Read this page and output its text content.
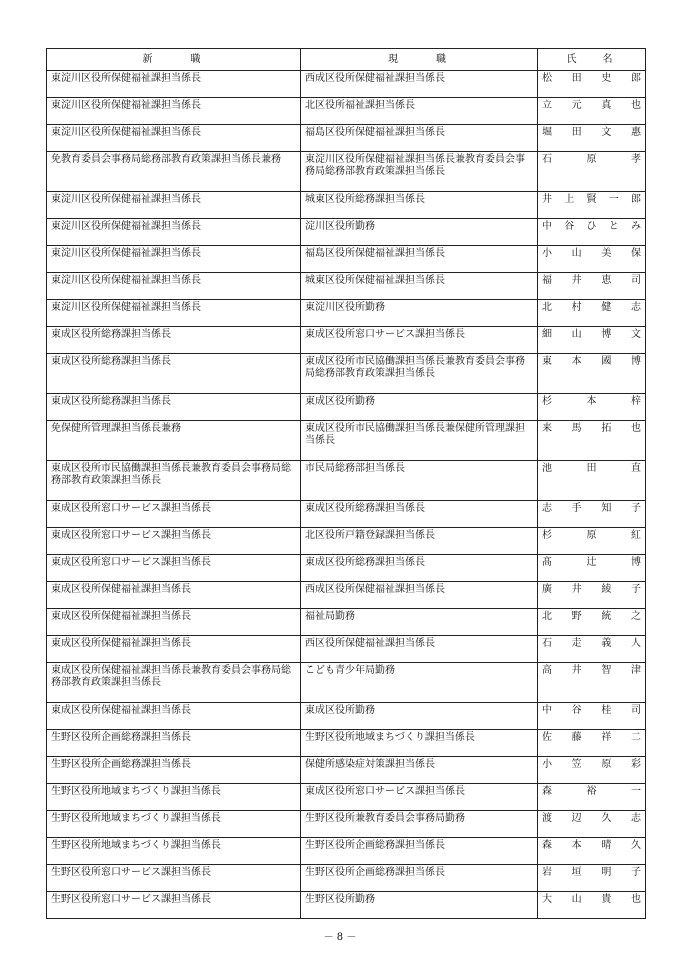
新職	現職	氏名
東淀川区役所保健福祉課担当係長	西成区役所保健福祉課担当係長	松田史郎
東淀川区役所保健福祉課担当係長	北区役所福祉課担当係長	立元真也
東淀川区役所保健福祉課担当係長	福島区役所保健福祉課担当係長	堀田文惠
免教育委員会事務局総務部教育政策課担当係長兼務	東淀川区役所保健福祉課担当係長兼教育委員会事務局総務部教育政策課担当係長	石原孝
東淀川区役所保健福祉課担当係長	城東区役所総務課担当係長	井上賢一郎
東淀川区役所保健福祉課担当係長	淀川区役所勤務	中谷ひとみ
東淀川区役所保健福祉課担当係長	福島区役所保健福祉課担当係長	小山美保
東淀川区役所保健福祉課担当係長	城東区役所保健福祉課担当係長	福井恵司
東淀川区役所保健福祉課担当係長	東淀川区役所勤務	北村健志
東成区役所総務課担当係長	東成区役所窓口サービス課担当係長	細山博文
東成区役所総務課担当係長	東成区役所市民協働課担当係長兼教育委員会事務局総務部教育政策課担当係長	東本國博
東成区役所総務課担当係長	東成区役所勤務	杉本梓
免保健所管理課担当係長兼務	東成区役所市民協働課担当係長兼保健所管理課担当係長	来馬拓也
東成区役所市民協働課担当係長兼教育委員会事務局総務部教育政策課担当係長	市民局総務部担当係長	池田直
東成区役所窓口サービス課担当係長	東成区役所総務課担当係長	志手知子
東成区役所窓口サービス課担当係長	北区役所戸籍登録課担当係長	杉原紅
東成区役所窓口サービス課担当係長	東成区役所総務課担当係長	髙辻博
東成区役所保健福祉課担当係長	西成区役所保健福祉課担当係長	廣井綾子
東成区役所保健福祉課担当係長	福祉局勤務	北野統之
東成区役所保健福祉課担当係長	西区役所保健福祉課担当係長	石走義人
東成区役所保健福祉課担当係長兼教育委員会事務局総務部教育政策課担当係長	こども青少年局勤務	高井智津
東成区役所保健福祉課担当係長	東成区役所勤務	中谷桂司
生野区役所企画総務課担当係長	生野区役所地域まちづくり課担当係長	佐藤祥二
生野区役所企画総務課担当係長	保健所感染症対策課担当係長	小笠原彩
生野区役所地域まちづくり課担当係長	東成区役所窓口サービス課担当係長	森裕一
生野区役所地域まちづくり課担当係長	生野区役所兼教育委員会事務局勤務	渡辺久志
生野区役所地域まちづくり課担当係長	生野区役所企画総務課担当係長	森本晴久
生野区役所窓口サービス課担当係長	生野区役所企画総務課担当係長	岩垣明子
生野区役所窓口サービス課担当係長	生野区役所勤務	大山貴也
－ 8 －
